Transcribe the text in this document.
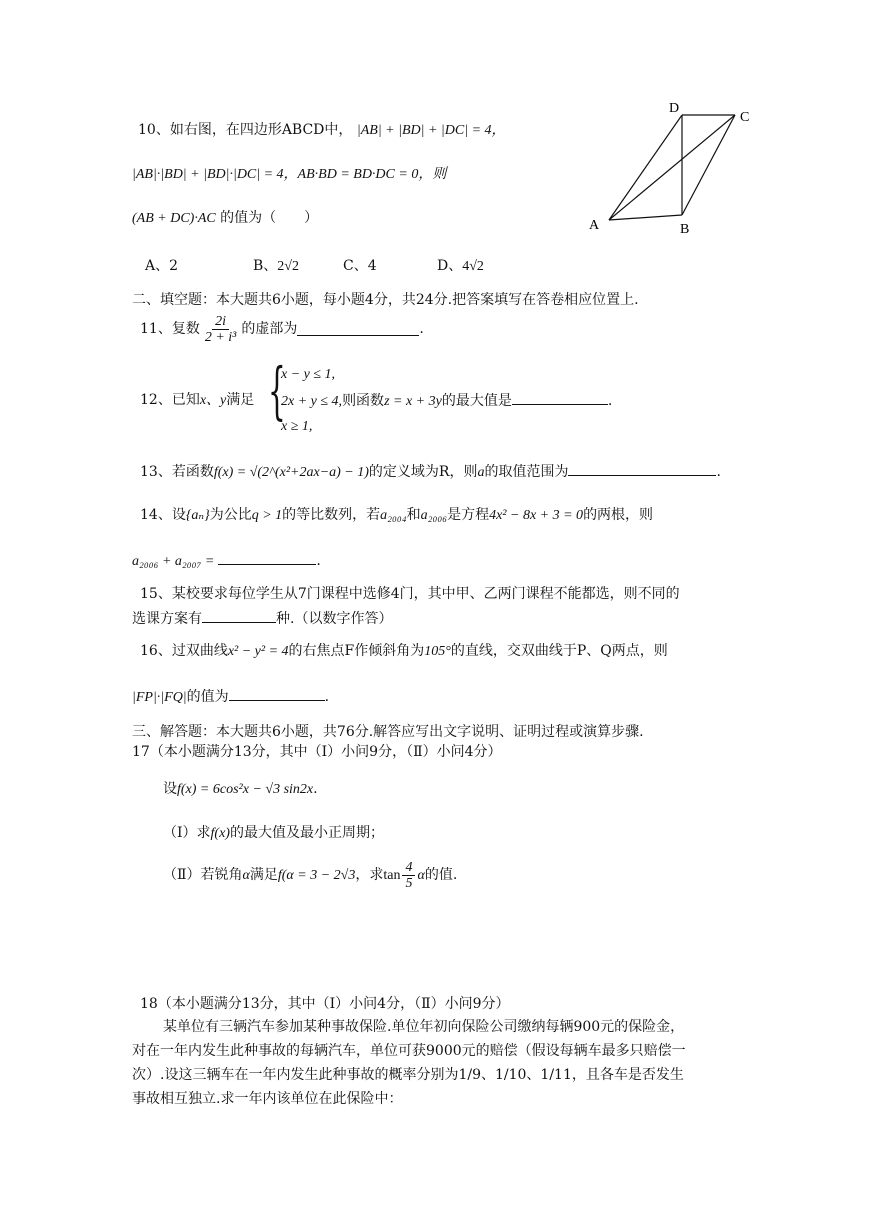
10、如右图，在四边形ABCD中， |AB| + |BD| + |DC| = 4，
|AB|·|BD| + |BD|·|DC| = 4，AB·BD = BD·DC = 0，则
(AB + DC)·AC 的值为（　　）	A	B
C
D
A、2	B、2√2	C、4	D、4√2
二、填空题：本大题共6小题，每小题4分，共24分.把答案填写在答卷相应位置上.
11、复数 $\frac{2i}{\text{2 + i³}}$ 的虚部为	.
12、已知x、y满足 {
x − y ≤ 1,
2x + y ≤ 4,则函数z = x + 3y的最大值是	.
x ≥ 1,
13、若函数f(x) = √(2^(x²+2ax−a) − 1)的定义域为R，则a的取值范围为	.
14、设{aₙ}为公比q > 1的等比数列，若a₂₀₀₄和a₂₀₀₆是方程4x² − 8x + 3 = 0的两根，则
a₂₀₀₆ + a₂₀₀₇ =	.
15、某校要求每位学生从7门课程中选修4门，其中甲、乙两门课程不能都选，则不同的
选课方案有	种.（以数字作答）
16、过双曲线x² − y² = 4的右焦点F作倾斜角为105°的直线，交双曲线于P、Q两点，则
|FP|·|FQ|的值为	.
三、解答题：本大题共6小题，共76分.解答应写出文字说明、证明过程或演算步骤.
17（本小题满分13分，其中（Ⅰ）小问9分，（Ⅱ）小问4分）
设f(x) = 6cos²x − √3 sin2x.
（Ⅰ）求f(x)的最大值及最小正周期；
（Ⅱ）若锐角 α 满足 f(α = 3 − 2√3 ，求 $\tan \frac{4}{5}$ α 的值.
18（本小题满分13分，其中（Ⅰ）小问4分，（Ⅱ）小问9分）
某单位有三辆汽车参加某种事故保险.单位年初向保险公司缴纳每辆900元的保险金，
对在一年内发生此种事故的每辆汽车，单位可获9000元的赔偿（假设每辆车最多只赔偿一
次）.设这三辆车在一年内发生此种事故的概率分别为1/9、1/10、1/11，且各车是否发生
事故相互独立.求一年内该单位在此保险中：
